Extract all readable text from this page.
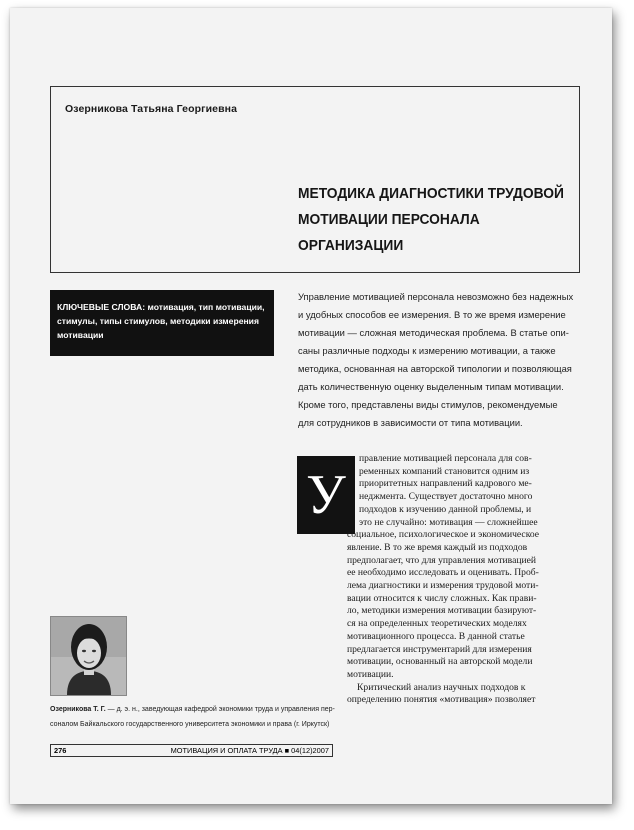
Озерникова Татьяна Георгиевна
МЕТОДИКА ДИАГНОСТИКИ ТРУДОВОЙ
МОТИВАЦИИ ПЕРСОНАЛА
ОРГАНИЗАЦИИ
КЛЮЧЕВЫЕ СЛОВА: мотивация, тип мотивации,
стимулы, типы стимулов, методики измерения
мотивации
Управление мотивацией персонала невозможно без надежных
и удобных способов ее измерения. В то же время измерение
мотивации — сложная методическая проблема. В статье опи-
саны различные подходы к измерению мотивации, а также
методика, основанная на авторской типологии и позволяющая
дать количественную оценку выделенным типам мотивации.
Кроме того, представлены виды стимулов, рекомендуемые
для сотрудников в зависимости от типа мотивации.
У
правление мотивацией персонала для сов-
ременных компаний становится одним из
приоритетных направлений кадрового ме-
неджмента. Существует достаточно много
подходов к изучению данной проблемы, и
это не случайно: мотивация — сложнейшее
социальное, психологическое и экономическое
явление. В то же время каждый из подходов
предполагает, что для управления мотивацией
ее необходимо исследовать и оценивать. Проб-
лема диагностики и измерения трудовой моти-
вации относится к числу сложных. Как прави-
ло, методики измерения мотивации базируют-
ся на определенных теоретических моделях
мотивационного процесса. В данной статье
предлагается инструментарий для измерения
мотивации, основанный на авторской модели
мотивации.
Критический анализ научных подходов к
определению понятия «мотивация» позволяет
Озерникова Т. Г. — д. э. н., заведующая кафедрой экономики труда и управления пер-
соналом Байкальского государственного университета экономики и права (г. Иркутск)
276	МОТИВАЦИЯ И ОПЛАТА ТРУДА ■ 04(12)2007
